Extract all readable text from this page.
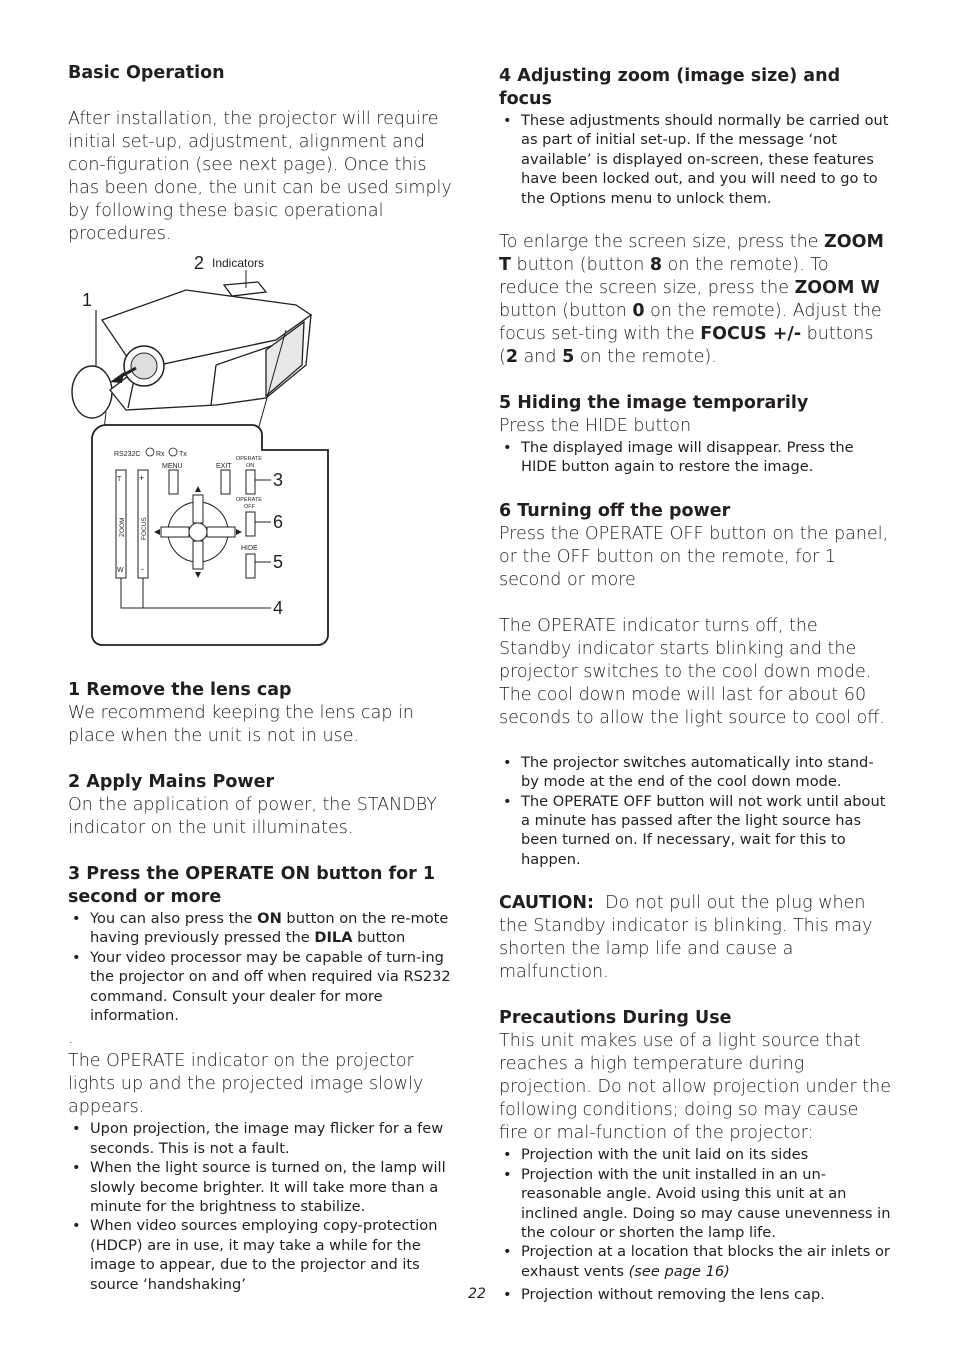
Basic Operation
After installation, the projector will require initial set-up, adjustment, alignment and con-figuration (see next page). Once this has been done, the unit can be used simply by following these basic operational procedures.
2 Indicators
1
RS232C Rx Tx
MENU	EXIT
OPERATE
ON
OPERATE
OFF
HIDE
T +
ZOOM FOCUS
W -
3
6
5
4
1 Remove the lens cap
We recommend keeping the lens cap in place when the unit is not in use.
2 Apply Mains Power
On the application of power, the STANDBY indicator on the unit illuminates.
3 Press the OPERATE ON button for 1 second or more
• You can also press the ON button on the re-mote having previously pressed the DILA button
• Your video processor may be capable of turn-ing the projector on and off when required via RS232 command. Consult your dealer for more information.
.
The OPERATE indicator on the projector lights up and the projected image slowly appears.
• Upon projection, the image may flicker for a few seconds. This is not a fault.
• When the light source is turned on, the lamp will slowly become brighter. It will take more than a minute for the brightness to stabilize.
• When video sources employing copy-protection (HDCP) are in use, it may take a while for the image to appear, due to the projector and its source ‘handshaking’
4 Adjusting zoom (image size) and focus
• These adjustments should normally be carried out as part of initial set-up. If the message ‘not available’ is displayed on-screen, these features have been locked out, and you will need to go to the Options menu to unlock them.
To enlarge the screen size, press the ZOOM T button (button 8 on the remote). To reduce the screen size, press the ZOOM W button (button 0 on the remote). Adjust the focus set-ting with the FOCUS +/- buttons (2 and 5 on the remote).
5 Hiding the image temporarily
Press the HIDE button
• The displayed image will disappear. Press the HIDE button again to restore the image.
6 Turning off the power
Press the OPERATE OFF button on the panel, or the OFF button on the remote, for 1 second or more
The OPERATE indicator turns off, the Standby indicator starts blinking and the projector switches to the cool down mode. The cool down mode will last for about 60 seconds to allow the light source to cool off.
• The projector switches automatically into stand-by mode at the end of the cool down mode.
• The OPERATE OFF button will not work until about a minute has passed after the light source has been turned on. If necessary, wait for this to happen.
CAUTION:  Do not pull out the plug when the Standby indicator is blinking. This may shorten the lamp life and cause a malfunction.
Precautions During Use
This unit makes use of a light source that reaches a high temperature during projection. Do not allow projection under the following conditions; doing so may cause fire or mal-function of the projector:
• Projection with the unit laid on its sides
• Projection with the unit installed in an un-reasonable angle. Avoid using this unit at an inclined angle. Doing so may cause unevenness in the colour or shorten the lamp life.
• Projection at a location that blocks the air inlets or exhaust vents (see page 16)
• Projection without removing the lens cap.
22
